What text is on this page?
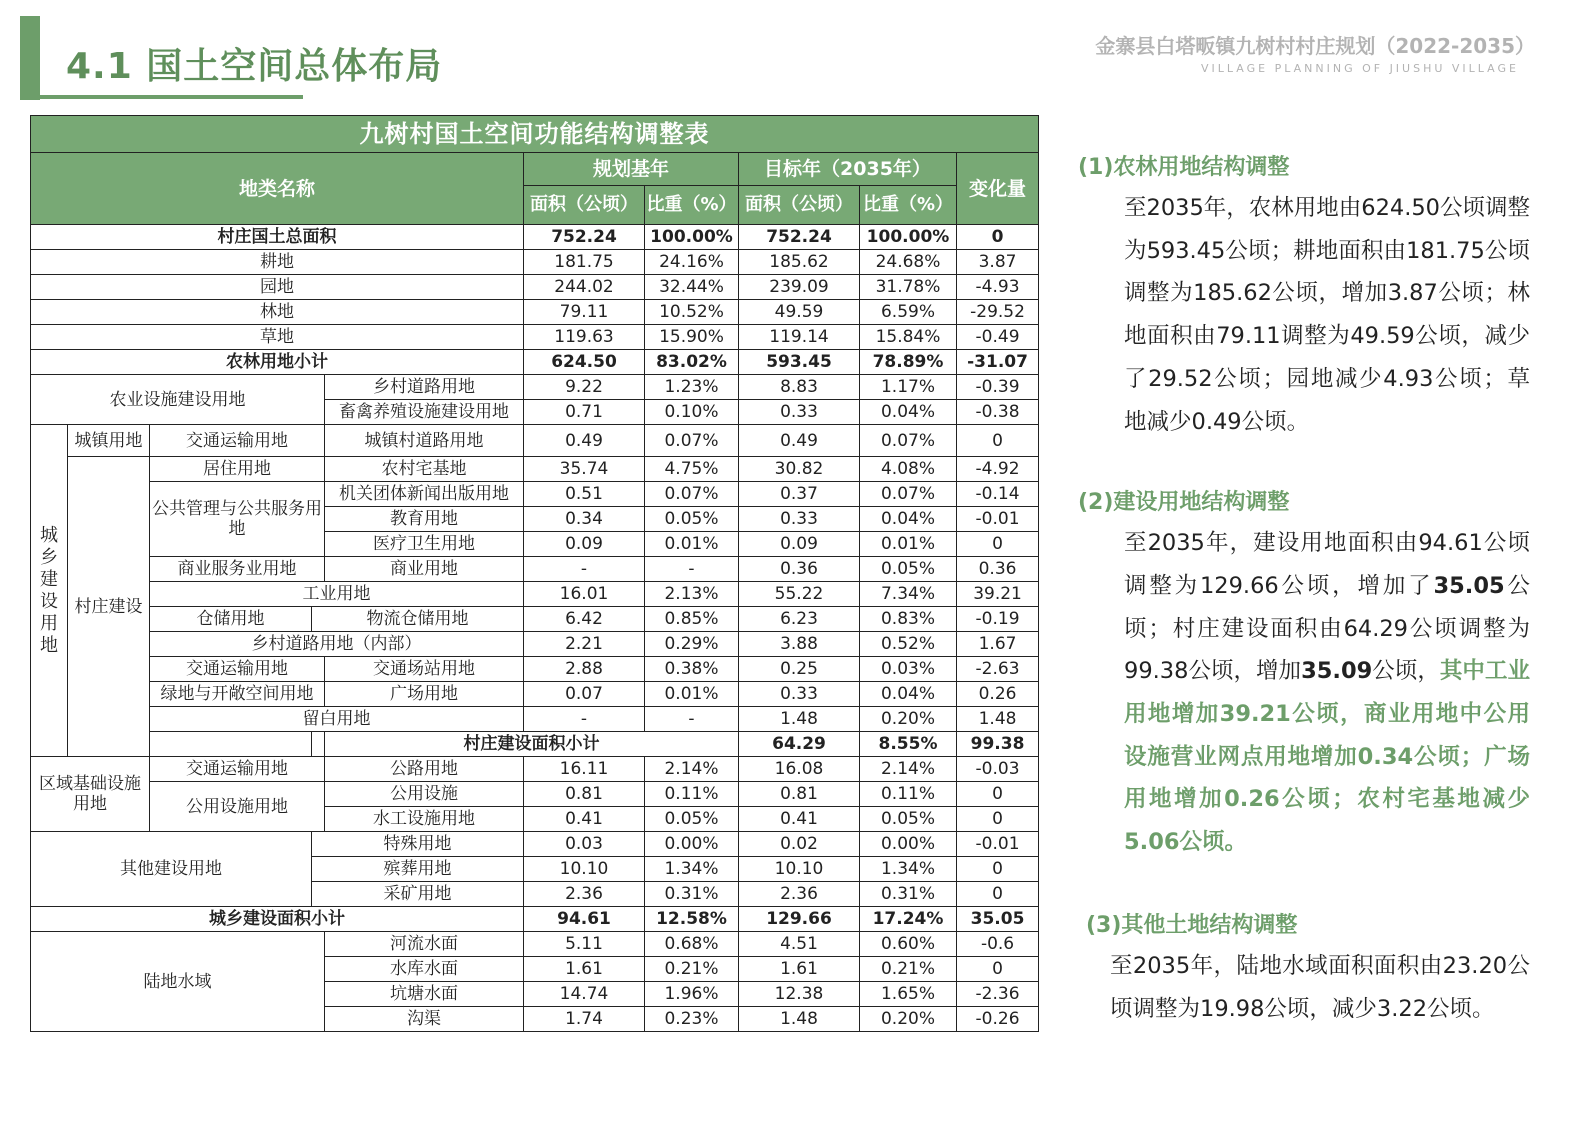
4.1 国土空间总体布局	金寨县白塔畈镇九树村村庄规划（2022-2035）
VILLAGE PLANNING OF JIUSHU VILLAGE
九树村国土空间功能结构调整表										
地类名称					规划基年		目标年（2035年）		变化量	
					面积（公顷）	比重（%）	面积（公顷）	比重（%）		
村庄国土总面积					752.24	100.00%	752.24	100.00%	0	
耕地					181.75	24.16%	185.62	24.68%	3.87	
园地					244.02	32.44%	239.09	31.78%	-4.93	
林地					79.11	10.52%	49.59	6.59%	-29.52	
草地					119.63	15.90%	119.14	15.84%	-0.49	
农林用地小计					624.50	83.02%	593.45	78.89%	-31.07	
农业设施建设用地				乡村道路用地	9.22	1.23%	8.83	1.17%	-0.39	
				畜禽养殖设施建设用地	0.71	0.10%	0.33	0.04%	-0.38	
城乡建设用地	城镇用地	交通运输用地		城镇村道路用地	0.49	0.07%	0.49	0.07%	0	
	村庄建设	居住用地		农村宅基地	35.74	4.75%	30.82	4.08%	-4.92	
		公共管理与公共服务用地		机关团体新闻出版用地	0.51	0.07%	0.37	0.07%	-0.14	
				教育用地	0.34	0.05%	0.33	0.04%	-0.01	
				医疗卫生用地	0.09	0.01%	0.09	0.01%	0	
		商业服务业用地		商业用地	-	-	0.36	0.05%	0.36	
		工业用地			16.01	2.13%	55.22	7.34%	39.21	
		仓储用地	物流仓储用地		6.42	0.85%	6.23	0.83%	-0.19	
		乡村道路用地（内部）			2.21	0.29%	3.88	0.52%	1.67	
		交通运输用地		交通场站用地	2.88	0.38%	0.25	0.03%	-2.63	
		绿地与开敞空间用地		广场用地	0.07	0.01%	0.33	0.04%	0.26	
		留白用地			-	-	1.48	0.20%	1.48	
				村庄建设面积小计			64.29	8.55%	99.38		
区域基础设施用地		交通运输用地		公路用地	16.11	2.14%	16.08	2.14%	-0.03	
		公用设施用地		公用设施	0.81	0.11%	0.81	0.11%	0	
				水工设施用地	0.41	0.05%	0.41	0.05%	0	
其他建设用地			特殊用地		0.03	0.00%	0.02	0.00%	-0.01	
			殡葬用地		10.10	1.34%	10.10	1.34%	0	
			采矿用地		2.36	0.31%	2.36	0.31%	0	
城乡建设面积小计					94.61	12.58%	129.66	17.24%	35.05	
陆地水域				河流水面	5.11	0.68%	4.51	0.60%	-0.6	
				水库水面	1.61	0.21%	1.61	0.21%	0	
				坑塘水面	14.74	1.96%	12.38	1.65%	-2.36	
				沟渠	1.74	0.23%	1.48	0.20%	-0.26	

(1)农林用地结构调整

至2035年，农林用地由624.50公顷调整为593.45公顷；耕地面积由181.75公顷调整为185.62公顷，增加3.87公顷；林地面积由79.11调整为49.59公顷，减少了29.52公顷；园地减少4.93公顷；草地减少0.49公顷。

(2)建设用地结构调整

至2035年，建设用地面积由94.61公顷调整为129.66公顷，增加了35.05公顷；村庄建设面积由64.29公顷调整为99.38公顷，增加35.09公顷，其中工业用地增加39.21公顷，商业用地中公用设施营业网点用地增加0.34公顷；广场用地增加0.26公顷；农村宅基地减少5.06公顷。

(3)其他土地结构调整

至2035年，陆地水域面积面积由23.20公顷调整为19.98公顷，减少3.22公顷。
